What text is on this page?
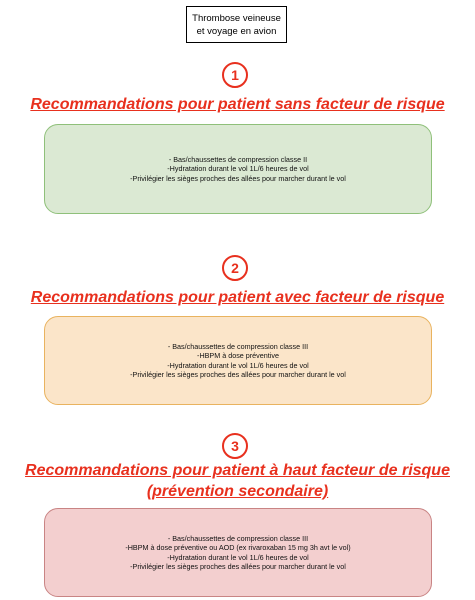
Thrombose veineuse
et voyage en avion
1
Recommandations pour patient sans facteur de risque
- Bas/chaussettes de compression classe II
-Hydratation durant le vol 1L/6 heures de vol
-Privilégier les sièges proches des allées pour marcher durant le vol
2
Recommandations pour patient avec facteur de risque
- Bas/chaussettes de compression classe III
-HBPM à dose préventive
-Hydratation durant le vol 1L/6 heures de vol
-Privilégier les sièges proches des allées pour marcher durant le vol
3
Recommandations pour patient à haut facteur de risque
(prévention secondaire)
- Bas/chaussettes de compression classe III
-HBPM à dose préventive ou AOD (ex rivaroxaban 15 mg 3h avt le vol)
-Hydratation durant le vol 1L/6 heures de vol
-Privilégier les sièges proches des allées pour marcher durant le vol
